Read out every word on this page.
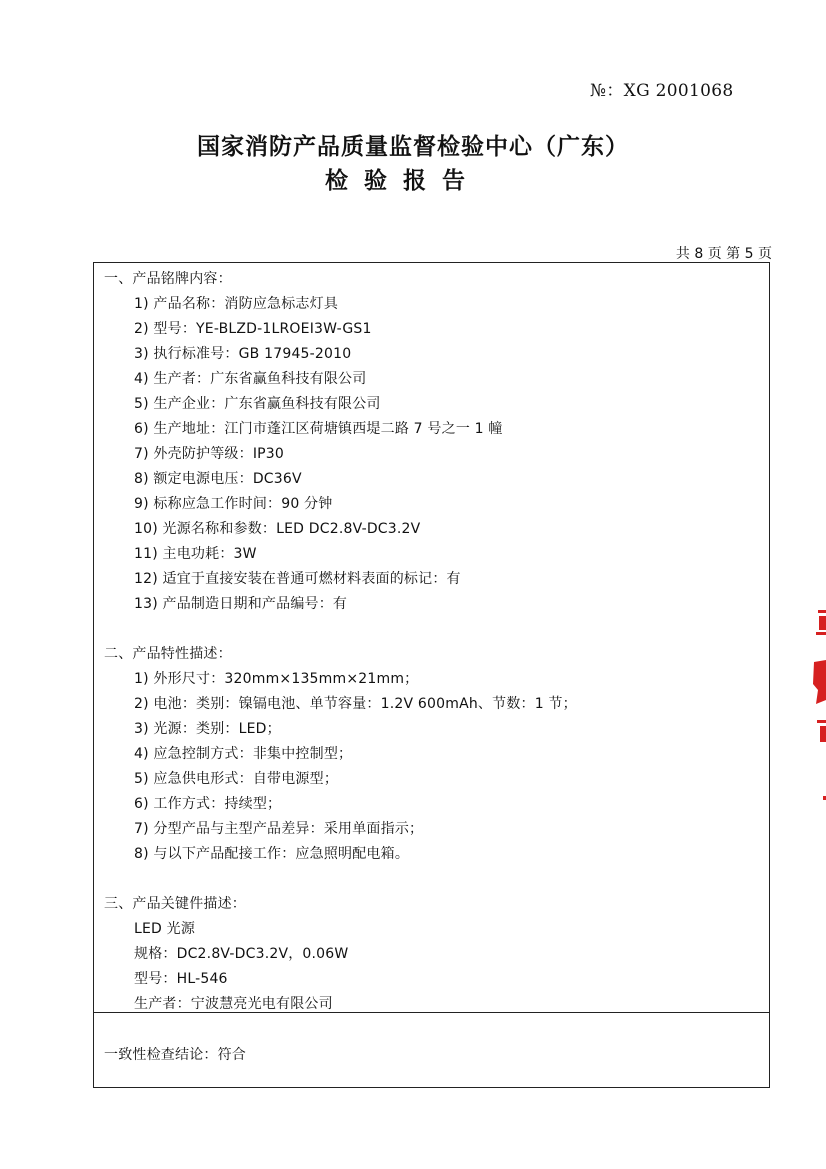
№：XG 2001068
国家消防产品质量监督检验中心（广东）
检验报告
共 8 页 第 5 页
一、产品铭牌内容：
1) 产品名称：消防应急标志灯具
2) 型号：YE-BLZD-1LROEⅠ3W-GS1
3) 执行标准号：GB 17945-2010
4) 生产者：广东省赢鱼科技有限公司
5) 生产企业：广东省赢鱼科技有限公司
6) 生产地址：江门市蓬江区荷塘镇西堤二路 7 号之一 1 幢
7) 外壳防护等级：IP30
8) 额定电源电压：DC36V
9) 标称应急工作时间：90 分钟
10) 光源名称和参数：LED DC2.8V-DC3.2V
11) 主电功耗：3W
12) 适宜于直接安装在普通可燃材料表面的标记：有
13) 产品制造日期和产品编号：有
二、产品特性描述：
1) 外形尺寸：320mm×135mm×21mm；
2) 电池：类别：镍镉电池、单节容量：1.2V 600mAh、节数：1 节；
3) 光源：类别：LED；
4) 应急控制方式：非集中控制型；
5) 应急供电形式：自带电源型；
6) 工作方式：持续型；
7) 分型产品与主型产品差异：采用单面指示；
8) 与以下产品配接工作：应急照明配电箱。
三、产品关键件描述：
LED 光源
规格：DC2.8V-DC3.2V，0.06W
型号：HL-546
生产者：宁波慧亮光电有限公司
一致性检查结论：符合
